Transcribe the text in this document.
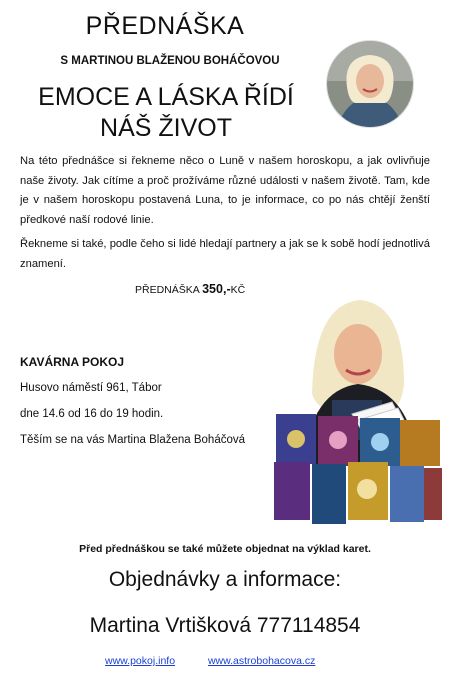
PŘEDNÁŠKA
S MARTINOU BLAŽENOU BOHÁČOVOU
EMOCE A LÁSKA ŘÍDÍ
NÁŠ ŽIVOT
Na této přednášce si řekneme něco o Luně v našem horoskopu, a jak ovlivňuje naše životy. Jak cítíme a proč prožíváme různé události v našem životě. Tam, kde je v našem horoskopu postavená Luna, to je informace, co po nás chtějí ženští předkové naší rodové linie.
Řekneme si také, podle čeho si lidé hledají partnery a jak se k sobě hodí jednotlivá znamení.
PŘEDNÁŠKA 350,-KČ
KAVÁRNA POKOJ
Husovo náměstí 961, Tábor
dne 14.6 od 16 do 19 hodin.
Těším se na vás Martina Blažena Boháčová
Před přednáškou se také můžete objednat na výklad karet.
Objednávky a informace:
Martina Vrtišková 777114854
www.pokoj.info	www.astrobohacova.cz
